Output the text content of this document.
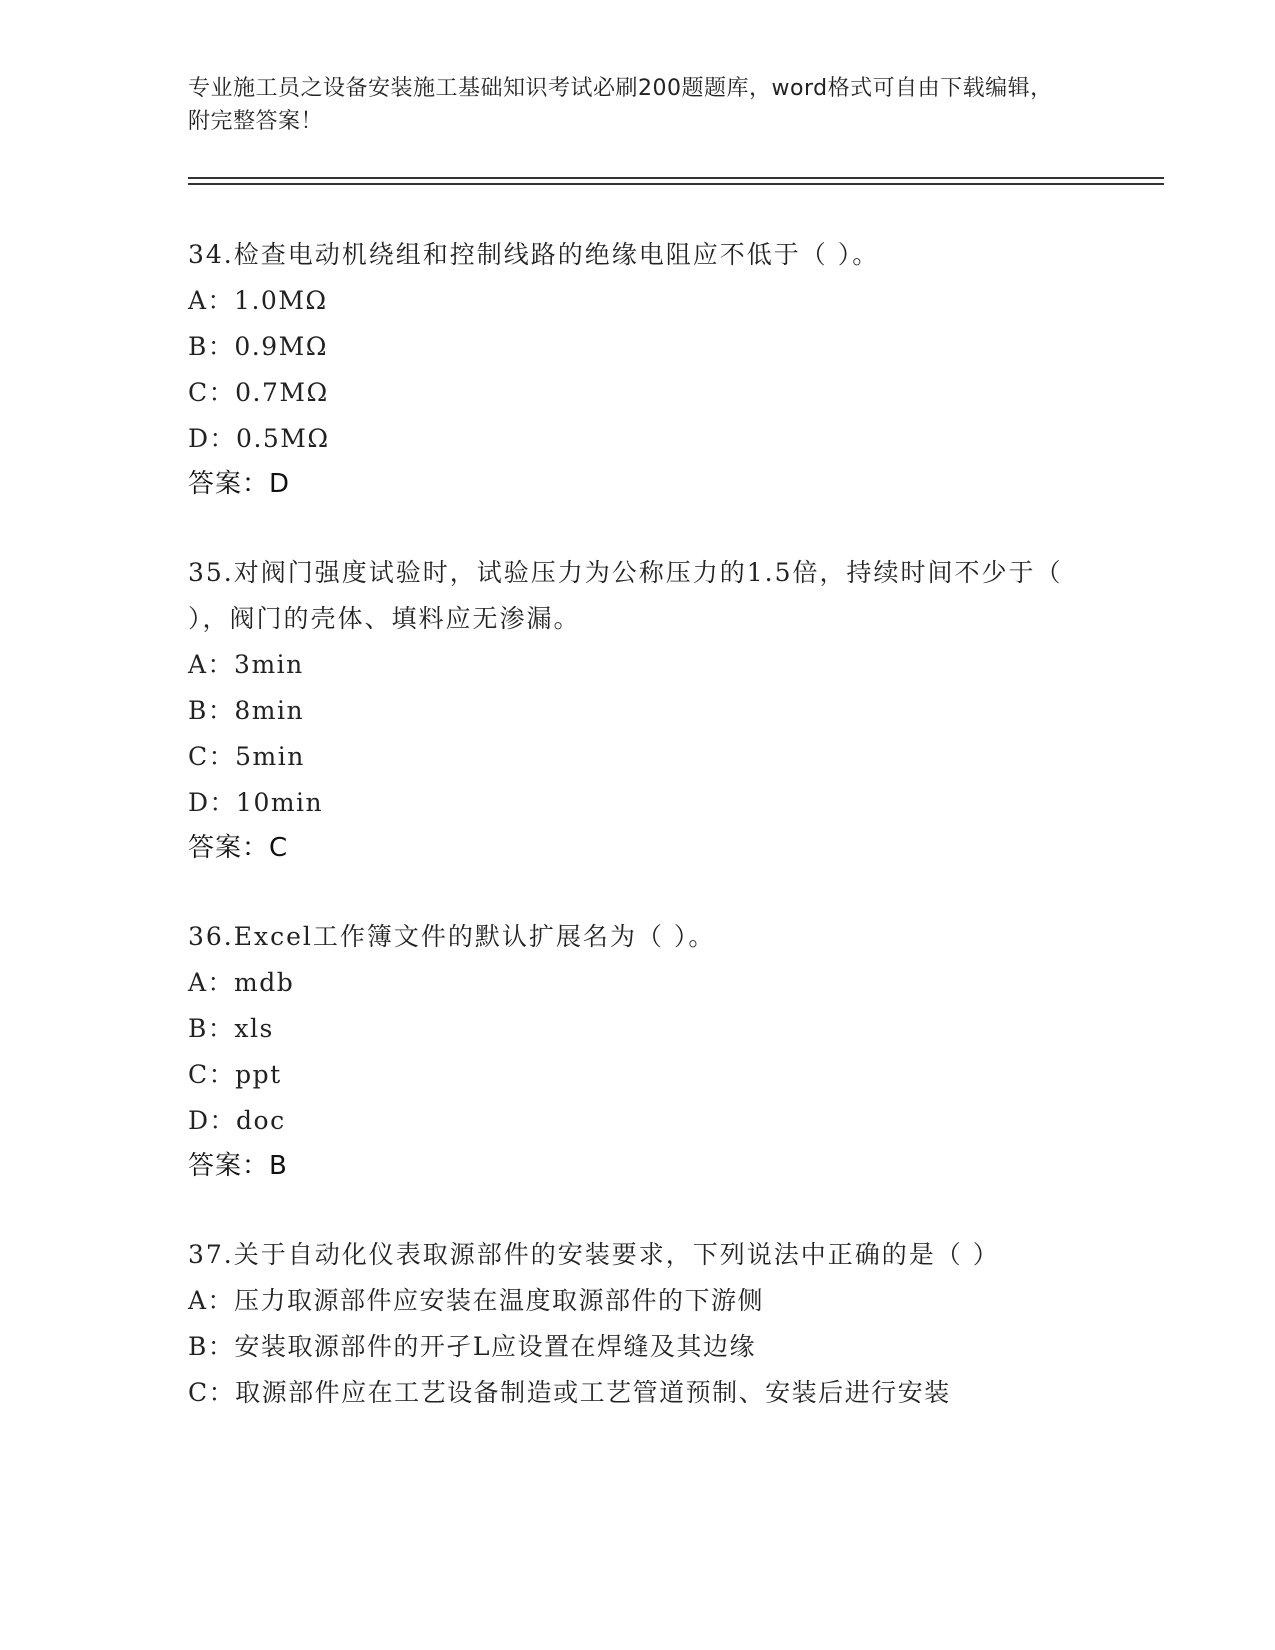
专业施工员之设备安装施工基础知识考试必刷200题题库，word格式可自由下载编辑，附完整答案！

34.检查电动机绕组和控制线路的绝缘电阻应不低于（ ）。

A：1.0MΩ

B：0.9MΩ

C：0.7MΩ

D：0.5MΩ

答案：D

35.对阀门强度试验时，试验压力为公称压力的1.5倍，持续时间不少于（ ），阀门的壳体、填料应无渗漏。

A：3min

B：8min

C：5min

D：10min

答案：C

36.Excel工作簿文件的默认扩展名为（ ）。

A：mdb

B：xls

C：ppt

D：doc

答案：B

37.关于自动化仪表取源部件的安装要求，下列说法中正确的是（ ）

A：压力取源部件应安装在温度取源部件的下游侧

B：安装取源部件的开孑L应设置在焊缝及其边缘

C：取源部件应在工艺设备制造或工艺管道预制、安装后进行安装
